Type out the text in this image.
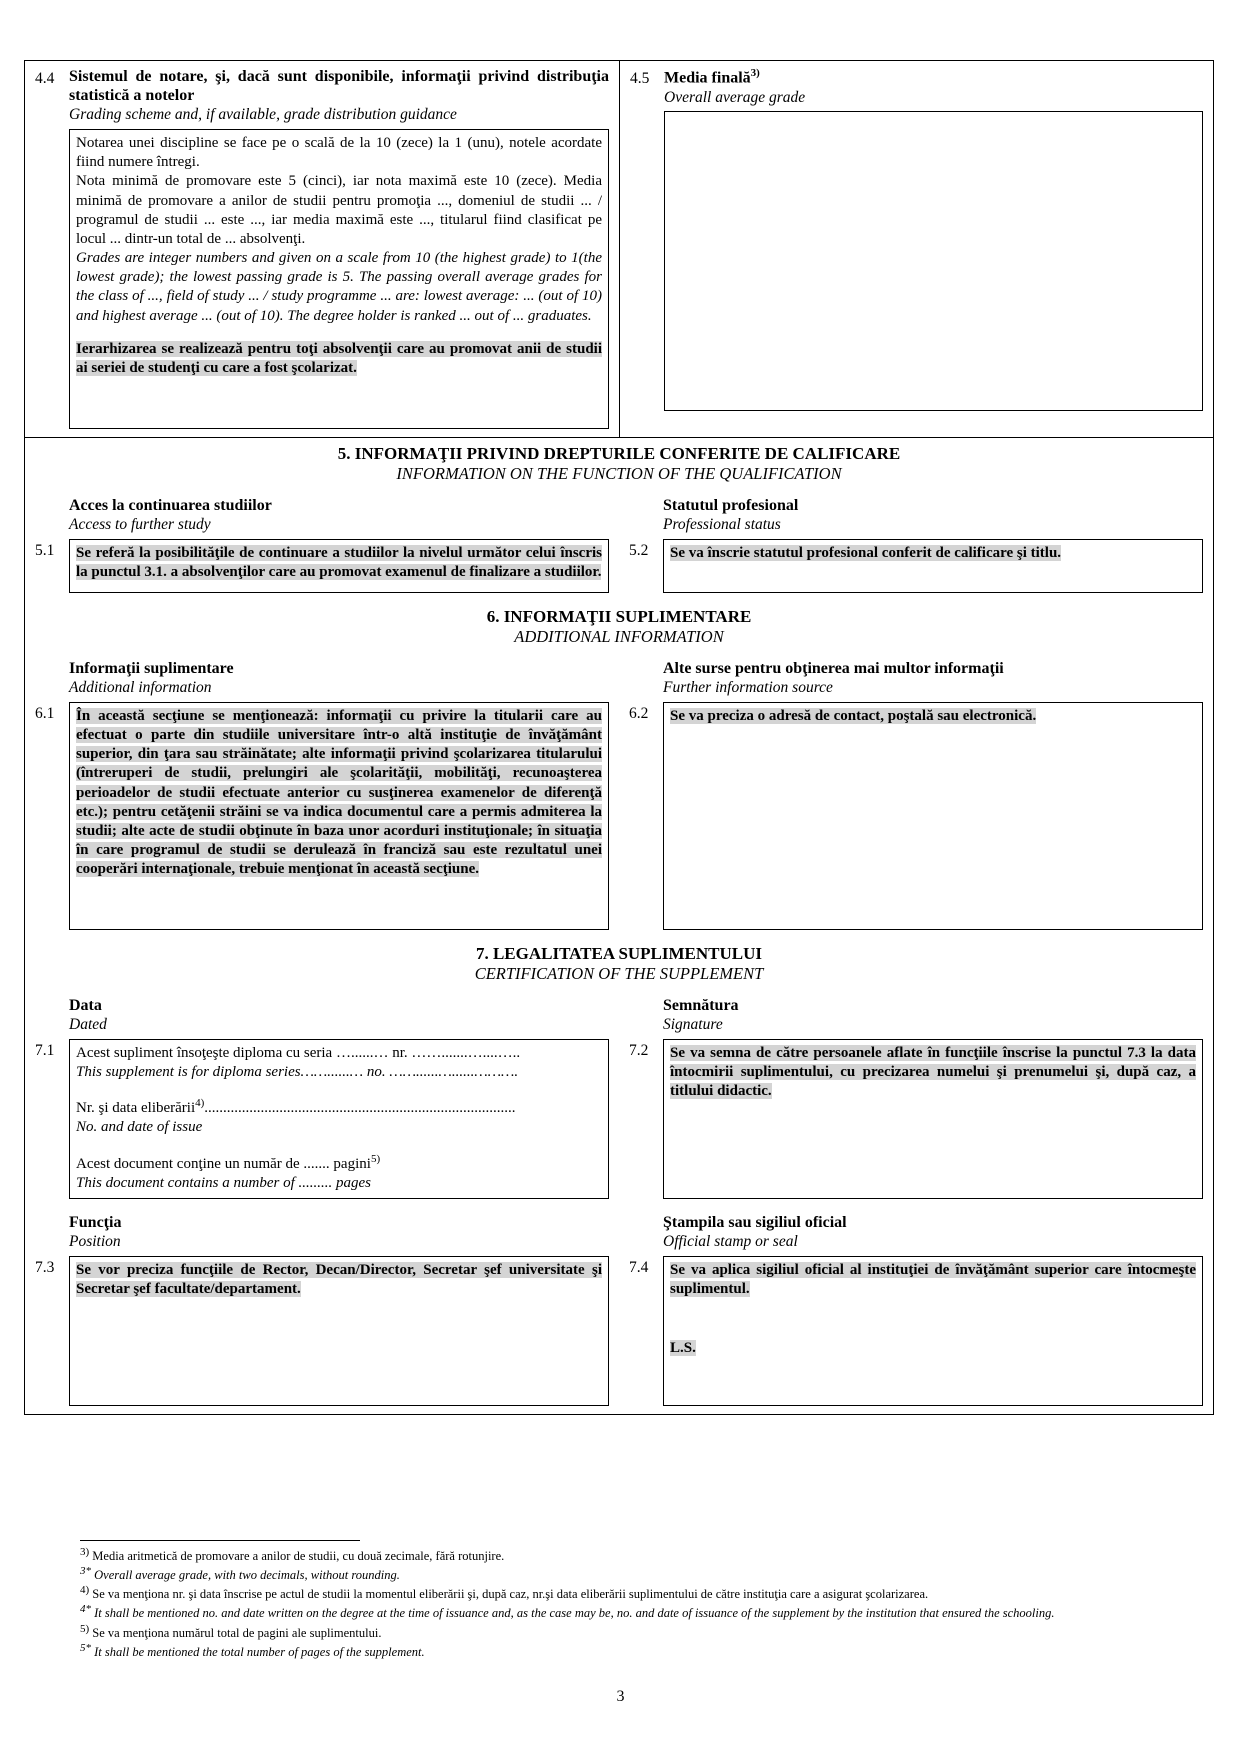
4.4 Sistemul de notare, şi, dacă sunt disponibile, informaţii privind distribuţia statistică a notelor
Grading scheme and, if available, grade distribution guidance
Notarea unei discipline se face pe o scală de la 10 (zece) la 1 (unu), notele acordate fiind numere întregi.
Nota minimă de promovare este 5 (cinci), iar nota maximă este 10 (zece). Media minimă de promovare a anilor de studii pentru promoţia ..., domeniul de studii ... / programul de studii ... este ..., iar media maximă este ..., titularul fiind clasificat pe locul ... dintr-un total de ... absolvenţi.
Grades are integer numbers and given on a scale from 10 (the highest grade) to 1(the lowest grade); the lowest passing grade is 5. The passing overall average grades for the class of ..., field of study ... / study programme ... are: lowest average: ... (out of 10) and highest average ... (out of 10). The degree holder is ranked ... out of ... graduates.
Ierarhizarea se realizează pentru toţi absolvenţii care au promovat anii de studii ai seriei de studenţi cu care a fost şcolarizat.
4.5 Media finală$^{3)}$
Overall average grade
5. INFORMAŢII PRIVIND DREPTURILE CONFERITE DE CALIFICARE
INFORMATION ON THE FUNCTION OF THE QUALIFICATION
Acces la continuarea studiilor
Access to further study
5.1	Se referă la posibilităţile de continuare a studiilor la nivelul următor celui înscris la punctul 3.1. a absolvenţilor care au promovat examenul de finalizare a studiilor.
Statutul profesional
Professional status
5.2	Se va înscrie statutul profesional conferit de calificare şi titlu.
6. INFORMAŢII SUPLIMENTARE
ADDITIONAL INFORMATION
Informaţii suplimentare
Additional information
6.1	În această secţiune se menţionează: informaţii cu privire la titularii care au efectuat o parte din studiile universitare într-o altă instituţie de învăţământ superior, din ţara sau străinătate; alte informaţii privind şcolarizarea titularului (întreruperi de studii, prelungiri ale şcolarităţii, mobilităţi, recunoaşterea perioadelor de studii efectuate anterior cu susţinerea examenelor de diferenţă etc.); pentru cetăţenii străini se va indica documentul care a permis admiterea la studii; alte acte de studii obţinute în baza unor acorduri instituţionale; în situaţia în care programul de studii se derulează în franciză sau este rezultatul unei cooperări internaţionale, trebuie menţionat în această secţiune.
Alte surse pentru obţinerea mai multor informaţii
Further information source
6.2	Se va preciza o adresă de contact, poştală sau electronică.
7. LEGALITATEA SUPLIMENTULUI
CERTIFICATION OF THE SUPPLEMENT
Data
Dated
7.1	Acest supliment însoţeşte diploma cu seria …......… nr. …….......…....…..
This supplement is for diploma series……......… no. ……......…......……….
Nr. şi data eliberării$^{4)}$...................................................................................
No. and date of issue
Acest document conţine un număr de ....... pagini$^{5)}$
This document contains a number of ......... pages
Semnătura
Signature
7.2	Se va semna de către persoanele aflate în funcţiile înscrise la punctul 7.3 la data întocmirii suplimentului, cu precizarea numelui şi prenumelui şi, după caz, a titlului didactic.
Funcţia
Position
7.3	Se vor preciza funcţiile de Rector, Decan/Director, Secretar şef universitate şi Secretar şef facultate/departament.
Ştampila sau sigiliul oficial
Official stamp or seal
7.4	Se va aplica sigiliul oficial al instituţiei de învăţământ superior care întocmeşte suplimentul.
L.S.
$^{3)}$ Media aritmetică de promovare a anilor de studii, cu două zecimale, fără rotunjire.
$^{3*}$ Overall average grade, with two decimals, without rounding.
$^{4)}$ Se va menţiona nr. şi data înscrise pe actul de studii la momentul eliberării şi, după caz, nr.şi data eliberării suplimentului de către instituţia care a asigurat şcolarizarea.
$^{4*}$ It shall be mentioned no. and date written on the degree at the time of issuance and, as the case may be, no. and date of issuance of the supplement by the institution that ensured the schooling.
$^{5)}$ Se va menţiona numărul total de pagini ale suplimentului.
$^{5*}$ It shall be mentioned the total number of pages of the supplement.
3
